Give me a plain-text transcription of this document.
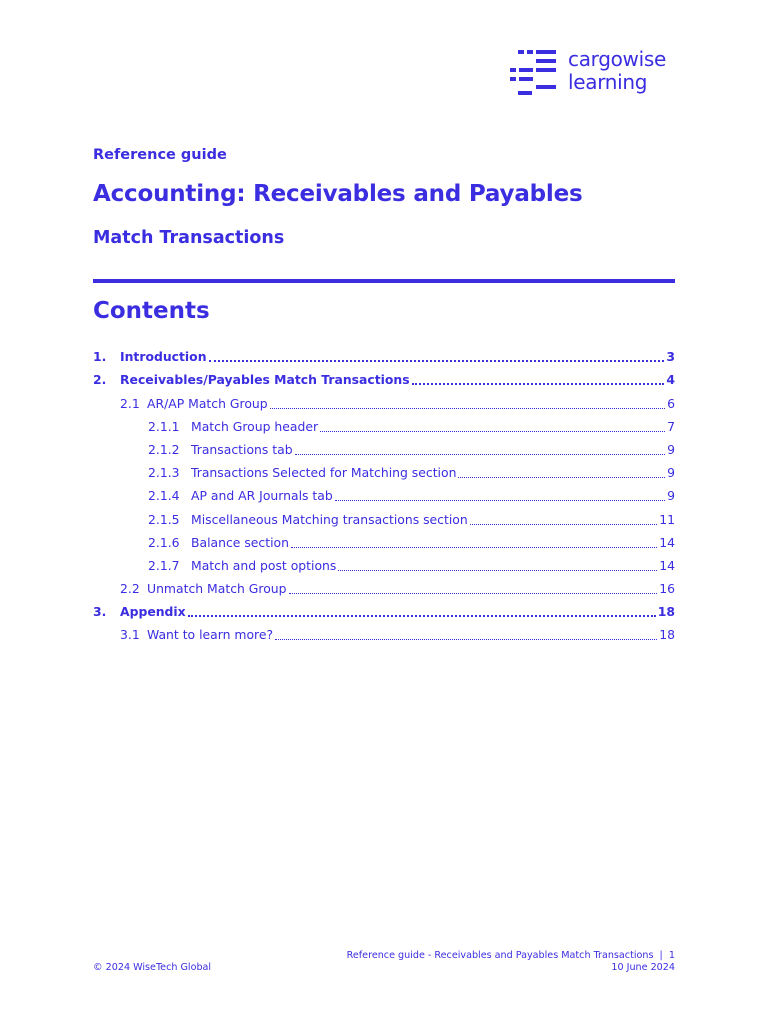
cargowise
learning
Reference guide
Accounting: Receivables and Payables
Match Transactions
Contents
1.	Introduction	3
2.	Receivables/Payables Match Transactions	4
2.1 AR/AP Match Group	6
2.1.1 Match Group header	7
2.1.2 Transactions tab	9
2.1.3 Transactions Selected for Matching section	9
2.1.4 AP and AR Journals tab	9
2.1.5 Miscellaneous Matching transactions section	11
2.1.6 Balance section	14
2.1.7 Match and post options	14
2.2 Unmatch Match Group	16
3.	Appendix	18
3.1 Want to learn more?	18
Reference guide - Receivables and Payables Match Transactions  |  1
10 June 2024
© 2024 WiseTech Global
